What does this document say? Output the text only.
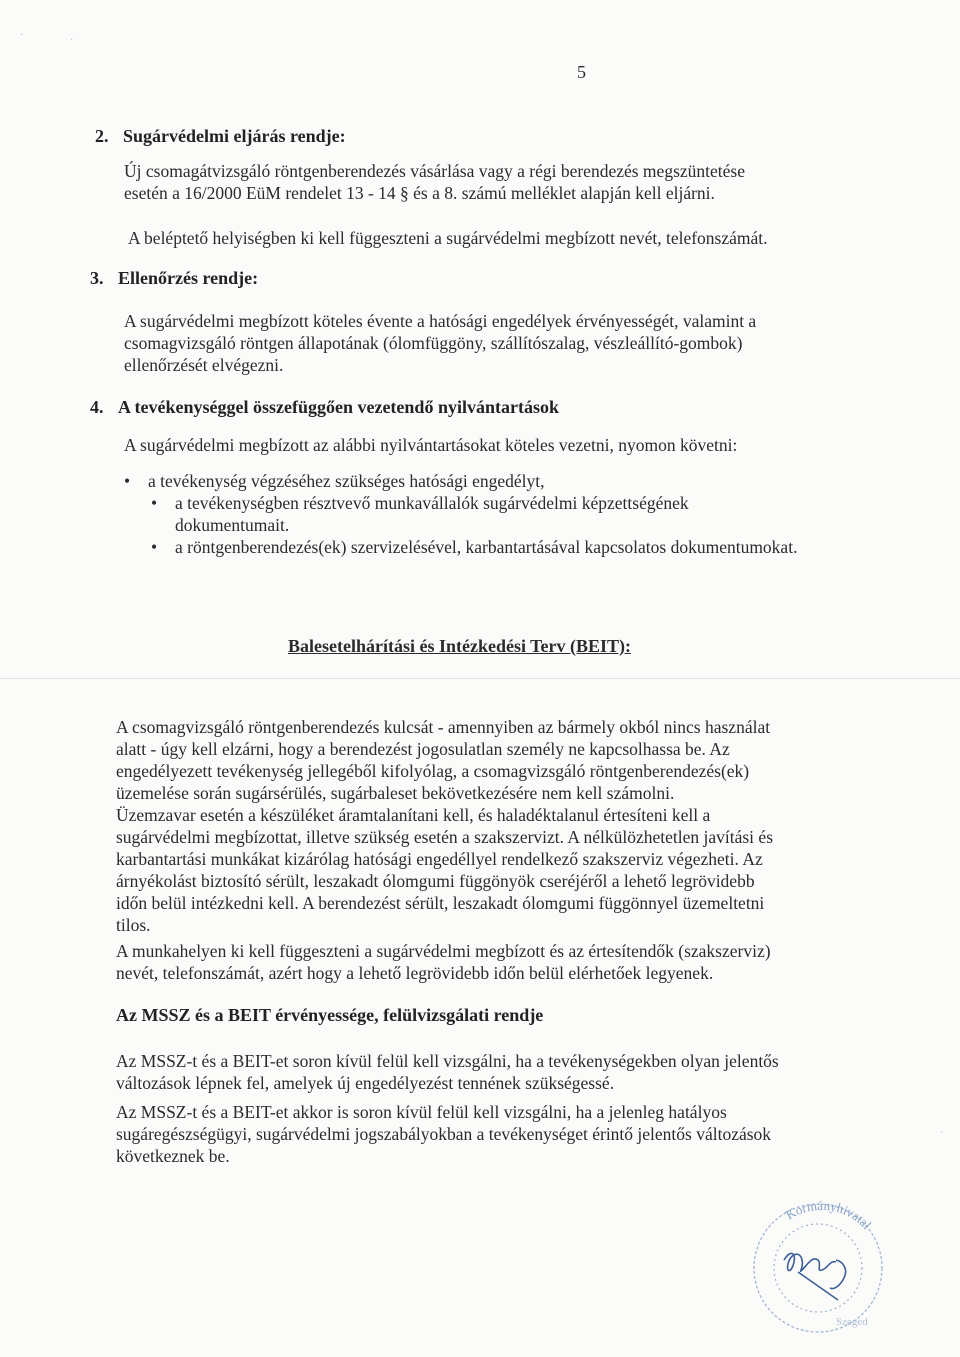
5
2. Sugárvédelmi eljárás rendje:
Új csomagátvizsgáló röntgenberendezés vásárlása vagy a régi berendezés megszüntetése
esetén a 16/2000 EüM rendelet 13 - 14 § és a 8. számú melléklet alapján kell eljárni.
A beléptető helyiségben ki kell függeszteni a sugárvédelmi megbízott nevét, telefonszámát.
3. Ellenőrzés rendje:
A sugárvédelmi megbízott köteles évente a hatósági engedélyek érvényességét, valamint a
csomagvizsgáló röntgen állapotának (ólomfüggöny, szállítószalag, vészleállító-gombok)
ellenőrzését elvégezni.
4. A tevékenységgel összefüggően vezetendő nyilvántartások
A sugárvédelmi megbízott az alábbi nyilvántartásokat köteles vezetni, nyomon követni:
• a tevékenység végzéséhez szükséges hatósági engedélyt,
• a tevékenységben résztvevő munkavállalók sugárvédelmi képzettségének
dokumentumait.
• a röntgenberendezés(ek) szervizelésével, karbantartásával kapcsolatos dokumentumokat.
Balesetelhárítási és Intézkedési Terv (BEIT):
A csomagvizsgáló röntgenberendezés kulcsát - amennyiben az bármely okból nincs használat
alatt - úgy kell elzárni, hogy a berendezést jogosulatlan személy ne kapcsolhassa be. Az
engedélyezett tevékenység jellegéből kifolyólag, a csomagvizsgáló röntgenberendezés(ek)
üzemelése során sugársérülés, sugárbaleset bekövetkezésére nem kell számolni.
Üzemzavar esetén a készüléket áramtalanítani kell, és haladéktalanul értesíteni kell a
sugárvédelmi megbízottat, illetve szükség esetén a szakszervizt. A nélkülözhetetlen javítási és
karbantartási munkákat kizárólag hatósági engedéllyel rendelkező szakszerviz végezheti. Az
árnyékolást biztosító sérült, leszakadt ólomgumi függönyök cseréjéről a lehető legrövidebb
időn belül intézkedni kell. A berendezést sérült, leszakadt ólomgumi függönnyel üzemeltetni
tilos.
A munkahelyen ki kell függeszteni a sugárvédelmi megbízott és az értesítendők (szakszerviz)
nevét, telefonszámát, azért hogy a lehető legrövidebb időn belül elérhetőek legyenek.
Az MSSZ és a BEIT érvényessége, felülvizsgálati rendje
Az MSSZ-t és a BEIT-et soron kívül felül kell vizsgálni, ha a tevékenységekben olyan jelentős
változások lépnek fel, amelyek új engedélyezést tennének szükségessé.
Az MSSZ-t és a BEIT-et akkor is soron kívül felül kell vizsgálni, ha a jelenleg hatályos
sugáregészségügyi, sugárvédelmi jogszabályokban a tevékenységet érintő jelentős változások
következnek be.
Kormányhivatal
Szeged
·	·
·
